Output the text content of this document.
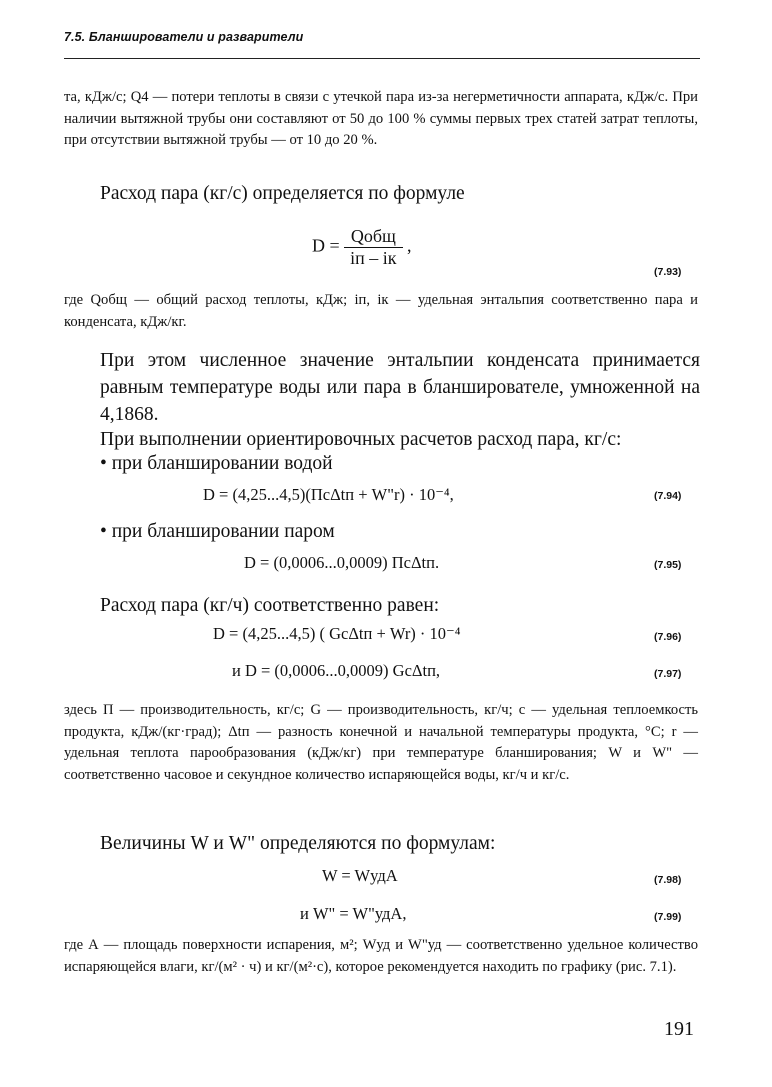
7.5. Бланширователи и разварители
та, кДж/с; Q4 — потери теплоты в связи с утечкой пара из-за негерметичности аппарата, кДж/с. При наличии вытяжной трубы они составляют от 50 до 100 % суммы первых трех статей затрат теплоты, при отсутствии вытяжной трубы — от 10 до 20 %.
Расход пара (кг/с) определяется по формуле
$D = \frac{\text{Qобщ}}{iп - iк}$ ,
(7.93)
где Qобщ — общий расход теплоты, кДж; iп, iк — удельная энтальпия соответственно пара и конденсата, кДж/кг.
При этом численное значение энтальпии конденсата принимается равным температуре воды или пара в бланширователе, умноженной на 4,1868.
При выполнении ориентировочных расчетов расход пара, кг/с:
• при бланшировании водой
D = (4,25...4,5)(ПсΔtп + W"r) · 10⁻⁴,	(7.94)
• при бланшировании паром
D = (0,0006...0,0009) ПсΔtп.	(7.95)
Расход пара (кг/ч) соответственно равен:
D = (4,25...4,5) ( GсΔtп + Wr) · 10⁻⁴	(7.96)
и D = (0,0006...0,0009) GсΔtп,	(7.97)
здесь П — производительность, кг/с; G — производительность, кг/ч; с — удельная теплоемкость продукта, кДж/(кг·град); Δtп — разность конечной и начальной температуры продукта, °С; r — удельная теплота парообразования (кДж/кг) при температуре бланширования; W и W" — соответственно часовое и секундное количество испаряющейся воды, кг/ч и кг/с.
Величины W и W" определяются по формулам:
W = WудA	(7.98)
и W" = W"удA,	(7.99)
где А — площадь поверхности испарения, м²; Wуд и W"уд — соответственно удельное количество испаряющейся влаги, кг/(м² · ч) и кг/(м²·с), которое рекомендуется находить по графику (рис. 7.1).
191
